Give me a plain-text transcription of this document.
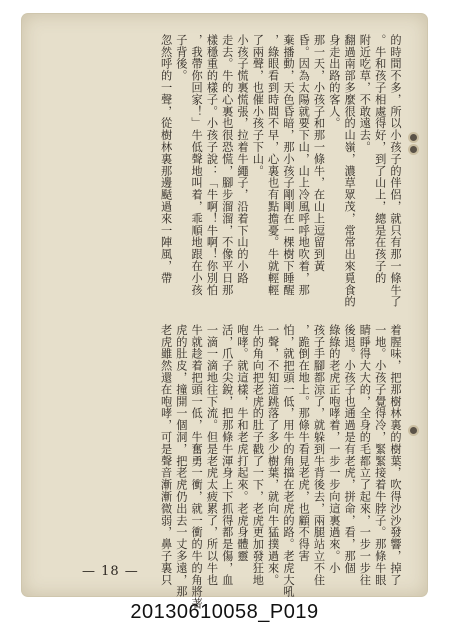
的時間不多，所以小孩子的伴侶，就只有那一條牛了
。牛和孩子相處得好，到了山上，總是在孩子的
附近吃草，不敢遠去。
翻過南部多麼很的山嶺，濃草眾茂，常常出來覓食的
身走出路的客人。
那一天，小孩子和那一條牛，在山上逗留到黃
昏。因為太陽就要下山，山上冷風呼呼地吹着，那
棄播動，天色昏暗，那小孩子剛剛在一棵樹下睡醒
，綠眼看到時間不早，心裏也有點擔憂。牛就輕輕
了兩聲，也催小孩子下山。
小孩子慌裏慌張，拉着牛繩子，沿着下山的小路
走去。牛的心裏也很恐慌，腳步溜溜，不像平日那
樣穩重的樣子。小孩子說：「牛啊！牛啊！你別怕
，我帶你回家！」牛低聲地叫着，乖順地跟在小孩
子背後。
忽然呼的一聲，從樹林裏那邊颳過來一陣風，帶
着腥味，把那樹林裏的樹葉，吹得沙沙發響，掉了
一地。小孩子覺得冷，緊緊接着牛脖子。那條牛眼
睛睜得大大的，全身的毛都立了起來，一步一步往
後退。小孩子也通過是有老虎，拼命，看，那個
綠綠的老虎正咆哮着，一步一步向這裏過來。小
孩子手腳都涼了，就躲到牛背後去，兩腿站立不住
，跪倒在地上。那條牛看見老虎，也顧不得害
怕，就把頭一低，用牛的角擋在老虎的路。老虎大吼
一聲，不知道跳落了多少樹葉，就向牛猛撲過來。
牛的角向把老虎的肚子戳了一下，老虎更加發狂地
咆哮。就這樣，牛和老虎打起來。老虎身體靈
活，爪子尖銳，把那條牛渾身上下抓得都是傷，血
一滴一滴地往下流。但是老虎太疲累了，所以牛也
牛就趁着把頭一低，牛奮勇一衝，就一衝的牛的角將著
虎的肚皮，撞開一個洞，把老虎仍出去一丈多遠，那
老虎雖然還在咆哮，可是聲音漸漸微弱，鼻子裏只
— 18 —
20130610058_P019
